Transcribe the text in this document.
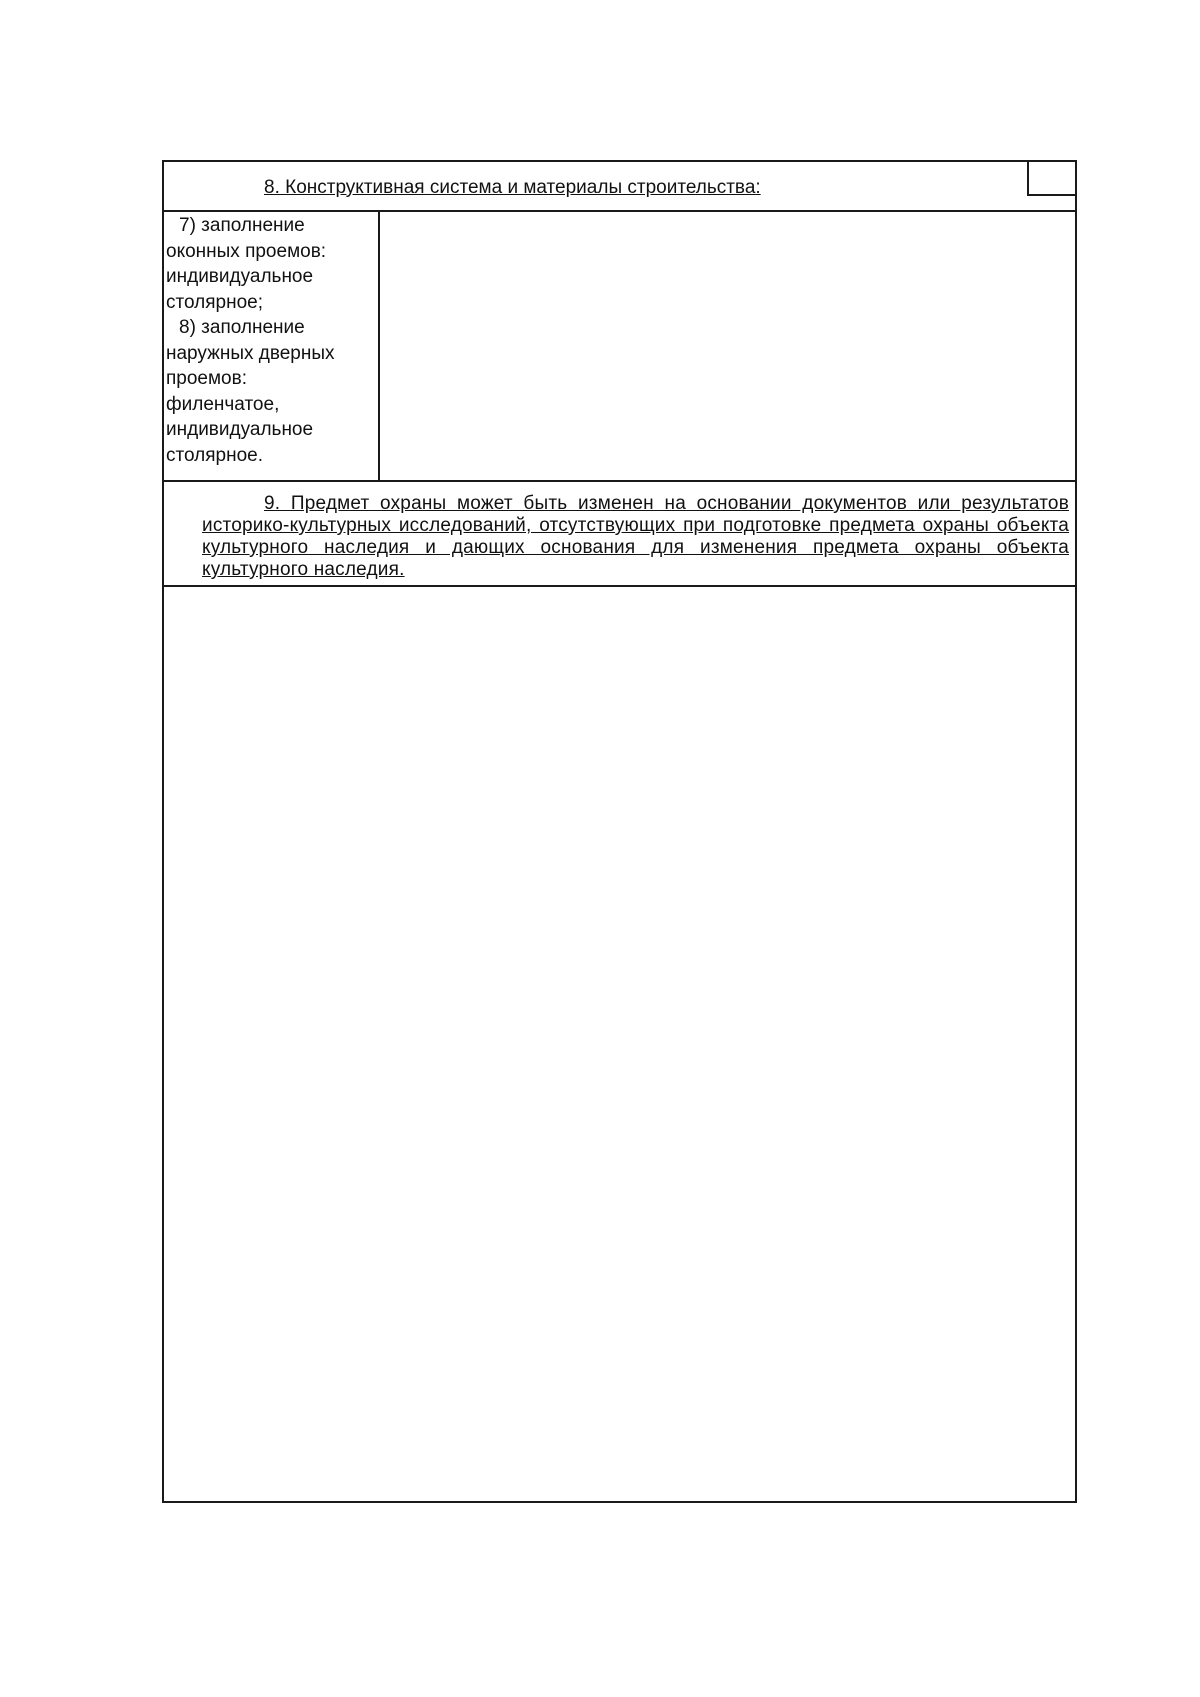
8. Конструктивная система и материалы строительства:
7) заполнение
оконных проемов:
индивидуальное
столярное;
8) заполнение
наружных дверных
проемов:
филенчатое,
индивидуальное
столярное.
9. Предмет охраны может быть изменен на основании документов или результатов историко-культурных исследований, отсутствующих при подготовке предмета охраны объекта культурного наследия и дающих основания для изменения предмета охраны объекта культурного наследия.
